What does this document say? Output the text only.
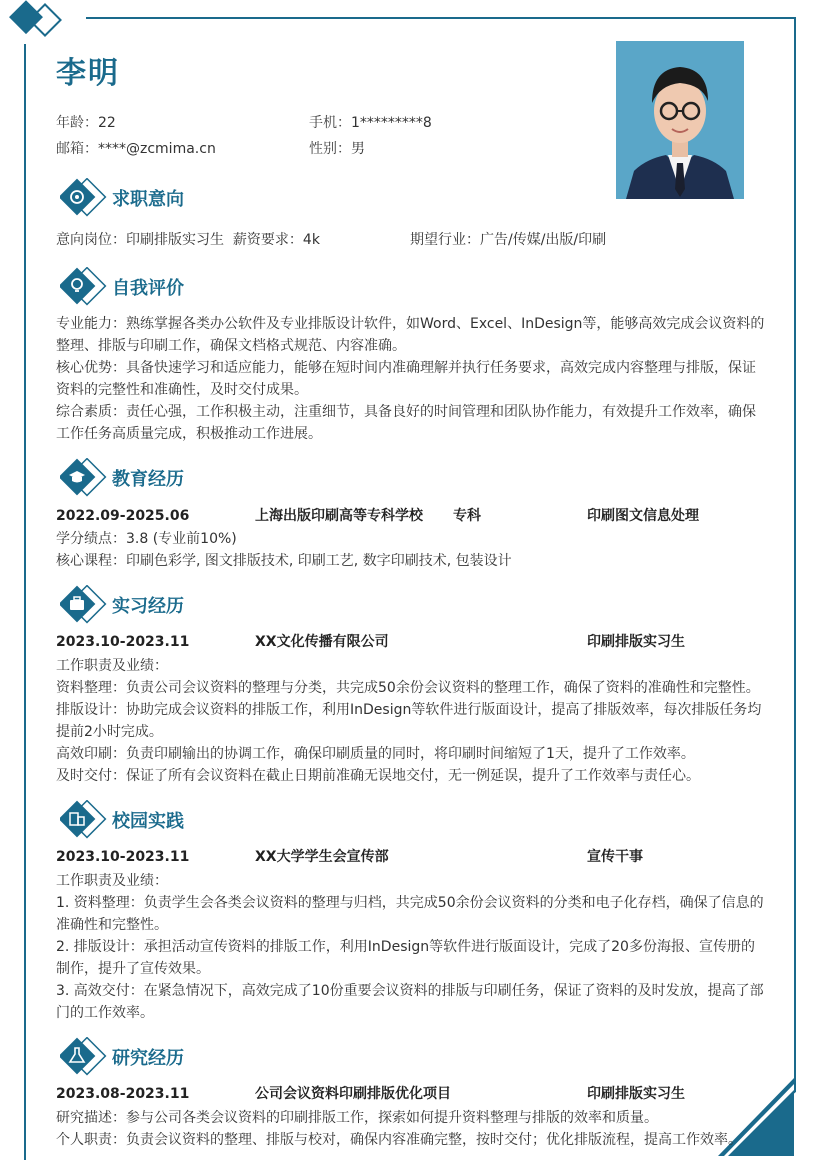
李明
年龄：22	手机：1*********8
邮箱：****@zcmima.cn	性别：男
求职意向
意向岗位：印刷排版实习生 薪资要求：4k	期望行业：广告/传媒/出版/印刷
自我评价
专业能力：熟练掌握各类办公软件及专业排版设计软件，如Word、Excel、InDesign等，能够高效完成会议资料的整理、排版与印刷工作，确保文档格式规范、内容准确。
核心优势：具备快速学习和适应能力，能够在短时间内准确理解并执行任务要求，高效完成内容整理与排版，保证资料的完整性和准确性，及时交付成果。
综合素质：责任心强，工作积极主动，注重细节，具备良好的时间管理和团队协作能力，有效提升工作效率，确保工作任务高质量完成，积极推动工作进展。
教育经历
2022.09-2025.06	上海出版印刷高等专科学校 专科	印刷图文信息处理
学分绩点：3.8 (专业前10%)
核心课程：印刷色彩学, 图文排版技术, 印刷工艺, 数字印刷技术, 包装设计
实习经历
2023.10-2023.11	XX文化传播有限公司	印刷排版实习生
工作职责及业绩：
资料整理：负责公司会议资料的整理与分类，共完成50余份会议资料的整理工作，确保了资料的准确性和完整性。
排版设计：协助完成会议资料的排版工作，利用InDesign等软件进行版面设计，提高了排版效率，每次排版任务均提前2小时完成。
高效印刷：负责印刷输出的协调工作，确保印刷质量的同时，将印刷时间缩短了1天，提升了工作效率。
及时交付：保证了所有会议资料在截止日期前准确无误地交付，无一例延误，提升了工作效率与责任心。
校园实践
2023.10-2023.11	XX大学学生会宣传部	宣传干事
工作职责及业绩：
1. 资料整理：负责学生会各类会议资料的整理与归档，共完成50余份会议资料的分类和电子化存档，确保了信息的准确性和完整性。
2. 排版设计：承担活动宣传资料的排版工作，利用InDesign等软件进行版面设计，完成了20多份海报、宣传册的制作，提升了宣传效果。
3. 高效交付：在紧急情况下，高效完成了10份重要会议资料的排版与印刷任务，保证了资料的及时发放，提高了部门的工作效率。
研究经历
2023.08-2023.11	公司会议资料印刷排版优化项目	印刷排版实习生
研究描述：参与公司各类会议资料的印刷排版工作，探索如何提升资料整理与排版的效率和质量。
个人职责：负责会议资料的整理、排版与校对，确保内容准确完整，按时交付；优化排版流程，提高工作效率。
